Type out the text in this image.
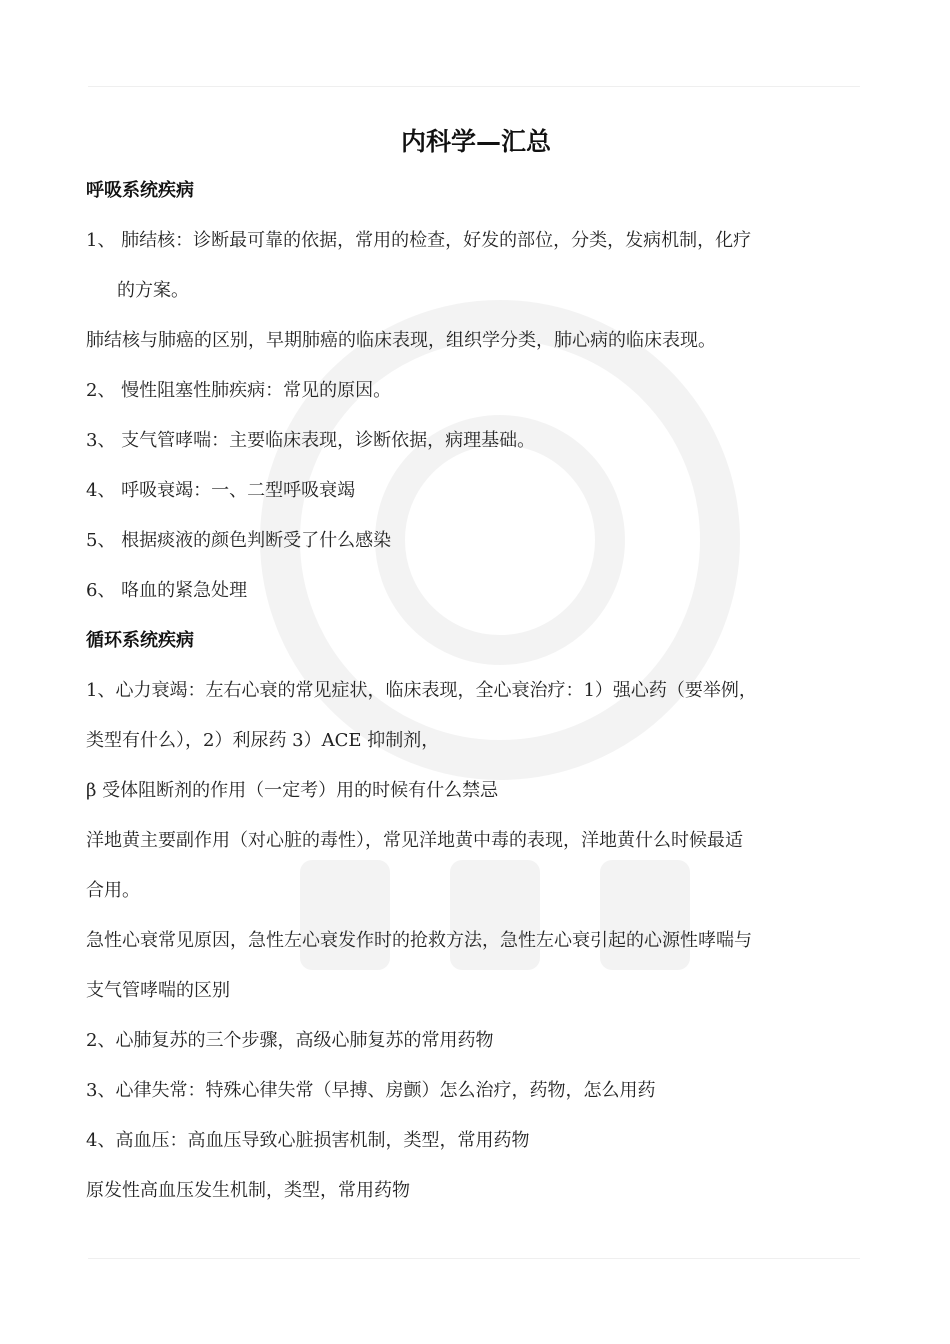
内科学—汇总
呼吸系统疾病
1、 肺结核：诊断最可靠的依据，常用的检查，好发的部位，分类，发病机制，化疗
的方案。
肺结核与肺癌的区别，早期肺癌的临床表现，组织学分类，肺心病的临床表现。
2、 慢性阻塞性肺疾病：常见的原因。
3、 支气管哮喘：主要临床表现，诊断依据，病理基础。
4、 呼吸衰竭：一、二型呼吸衰竭
5、 根据痰液的颜色判断受了什么感染
6、 咯血的紧急处理
循环系统疾病
1、心力衰竭：左右心衰的常见症状，临床表现，全心衰治疗：1）强心药（要举例，
类型有什么），2）利尿药 3）ACE 抑制剂，
β 受体阻断剂的作用（一定考）用的时候有什么禁忌
洋地黄主要副作用（对心脏的毒性），常见洋地黄中毒的表现，洋地黄什么时候最适
合用。
急性心衰常见原因，急性左心衰发作时的抢救方法，急性左心衰引起的心源性哮喘与
支气管哮喘的区别
2、心肺复苏的三个步骤，高级心肺复苏的常用药物
3、心律失常：特殊心律失常（早搏、房颤）怎么治疗，药物，怎么用药
4、高血压：高血压导致心脏损害机制，类型，常用药物
原发性高血压发生机制，类型，常用药物
